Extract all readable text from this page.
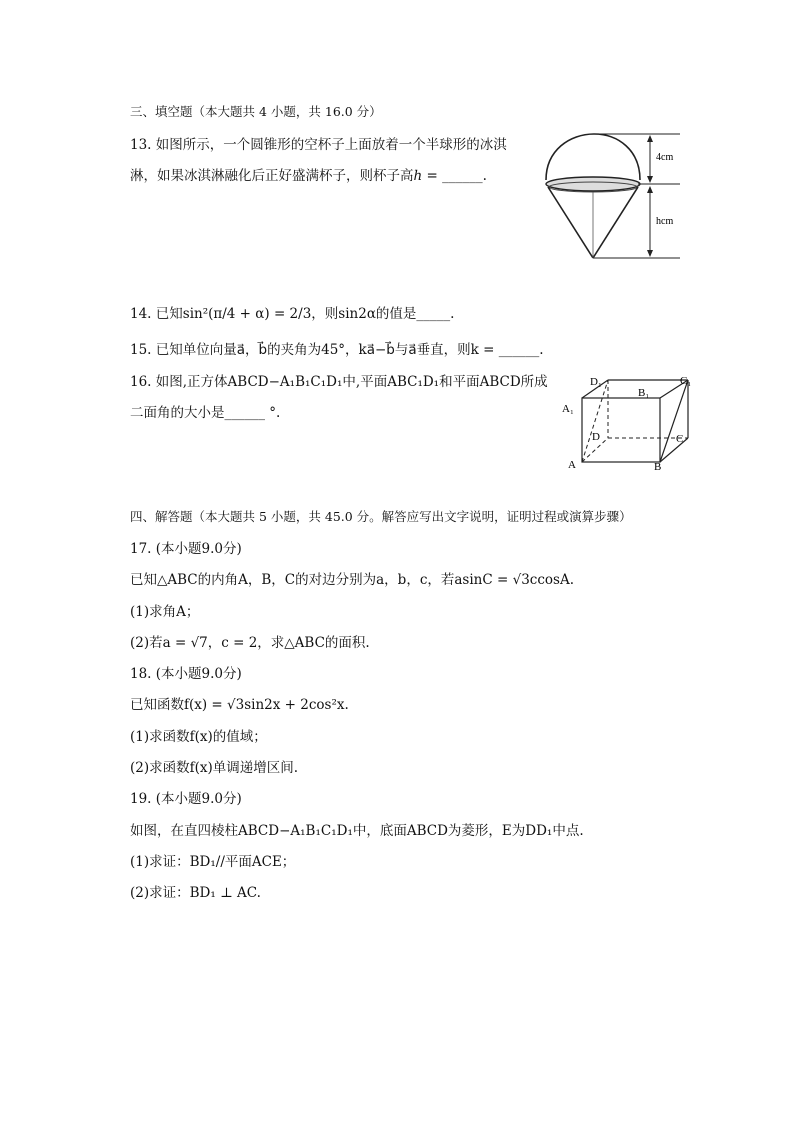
三、填空题（本大题共 4 小题，共 16.0 分）
13. 如图所示，一个圆锥形的空杯子上面放着一个半球形的冰淇
淋，如果冰淇淋融化后正好盛满杯子，则杯子高ℎ = ______.
4cm
hcm
14. 已知sin²(π/4 + α) = 2/3，则sin2α的值是_____.
15. 已知单位向量a⃗，b⃗的夹角为45°，ka⃗−b⃗与a⃗垂直，则k = ______.
16. 如图,正方体ABCD−A₁B₁C₁D₁中,平面ABC₁D₁和平面ABCD所成
二面角的大小是______ °.
D₁	C₁
A₁
B₁
D	C
A	B
四、解答题（本大题共 5 小题，共 45.0 分。解答应写出文字说明，证明过程或演算步骤）
17. (本小题9.0分)
已知△ABC的内角A，B，C的对边分别为a，b，c，若asinC = √3ccosA.
(1)求角A；
(2)若a = √7，c = 2，求△ABC的面积.
18. (本小题9.0分)
已知函数f(x) = √3sin2x + 2cos²x.
(1)求函数f(x)的值域；
(2)求函数f(x)单调递增区间.
19. (本小题9.0分)
如图，在直四棱柱ABCD−A₁B₁C₁D₁中，底面ABCD为菱形，E为DD₁中点.
(1)求证：BD₁//平面ACE；
(2)求证：BD₁ ⊥ AC.
